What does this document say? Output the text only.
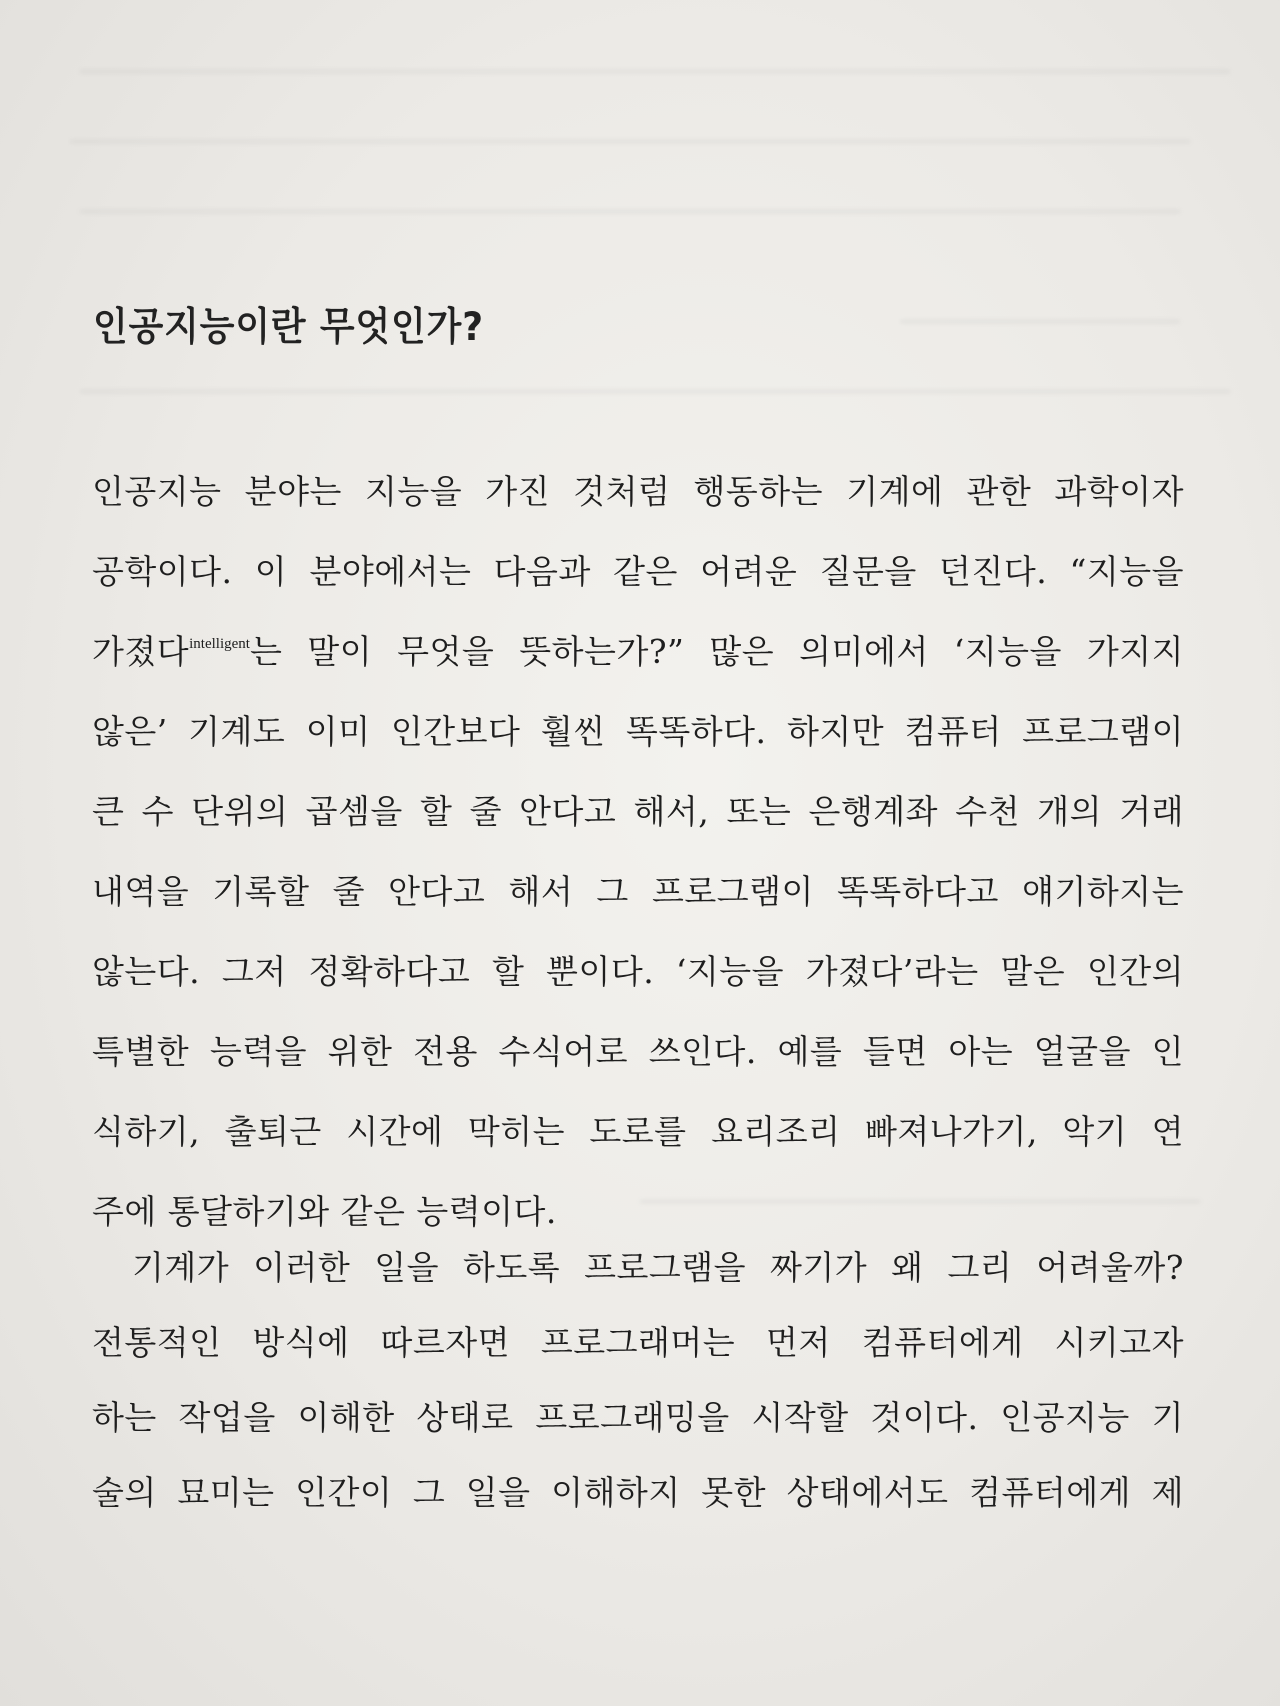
인공지능이란 무엇인가?
인공지능 분야는 지능을 가진 것처럼 행동하는 기계에 관한 과학이자
공학이다. 이 분야에서는 다음과 같은 어려운 질문을 던진다. “지능을
가졌다$^{intelligent}$는 말이 무엇을 뜻하는가?” 많은 의미에서 ‘지능을 가지지
않은’ 기계도 이미 인간보다 훨씬 똑똑하다. 하지만 컴퓨터 프로그램이
큰 수 단위의 곱셈을 할 줄 안다고 해서, 또는 은행계좌 수천 개의 거래
내역을 기록할 줄 안다고 해서 그 프로그램이 똑똑하다고 얘기하지는
않는다. 그저 정확하다고 할 뿐이다. ‘지능을 가졌다’라는 말은 인간의
특별한 능력을 위한 전용 수식어로 쓰인다. 예를 들면 아는 얼굴을 인
식하기, 출퇴근 시간에 막히는 도로를 요리조리 빠져나가기, 악기 연
주에 통달하기와 같은 능력이다.
기계가 이러한 일을 하도록 프로그램을 짜기가 왜 그리 어려울까?
전통적인 방식에 따르자면 프로그래머는 먼저 컴퓨터에게 시키고자
하는 작업을 이해한 상태로 프로그래밍을 시작할 것이다. 인공지능 기
술의 묘미는 인간이 그 일을 이해하지 못한 상태에서도 컴퓨터에게 제
